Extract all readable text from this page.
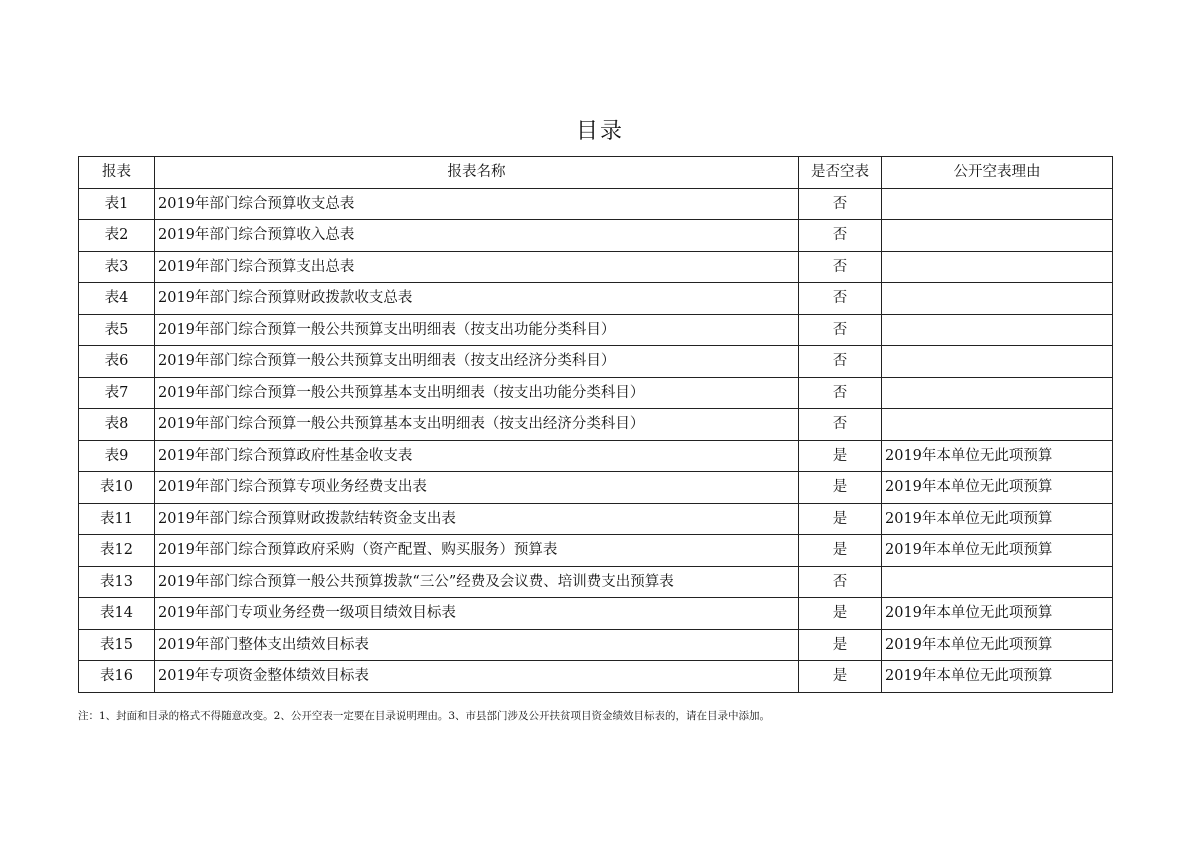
目录
报表	报表名称	是否空表	公开空表理由
表1	2019年部门综合预算收支总表	否	
表2	2019年部门综合预算收入总表	否	
表3	2019年部门综合预算支出总表	否	
表4	2019年部门综合预算财政拨款收支总表	否	
表5	2019年部门综合预算一般公共预算支出明细表（按支出功能分类科目）	否	
表6	2019年部门综合预算一般公共预算支出明细表（按支出经济分类科目）	否	
表7	2019年部门综合预算一般公共预算基本支出明细表（按支出功能分类科目）	否	
表8	2019年部门综合预算一般公共预算基本支出明细表（按支出经济分类科目）	否	
表9	2019年部门综合预算政府性基金收支表	是	2019年本单位无此项预算
表10	2019年部门综合预算专项业务经费支出表	是	2019年本单位无此项预算
表11	2019年部门综合预算财政拨款结转资金支出表	是	2019年本单位无此项预算
表12	2019年部门综合预算政府采购（资产配置、购买服务）预算表	是	2019年本单位无此项预算
表13	2019年部门综合预算一般公共预算拨款“三公”经费及会议费、培训费支出预算表	否	
表14	2019年部门专项业务经费一级项目绩效目标表	是	2019年本单位无此项预算
表15	2019年部门整体支出绩效目标表	是	2019年本单位无此项预算
表16	2019年专项资金整体绩效目标表	是	2019年本单位无此项预算
注：1、封面和目录的格式不得随意改变。2、公开空表一定要在目录说明理由。3、市县部门涉及公开扶贫项目资金绩效目标表的，请在目录中添加。
